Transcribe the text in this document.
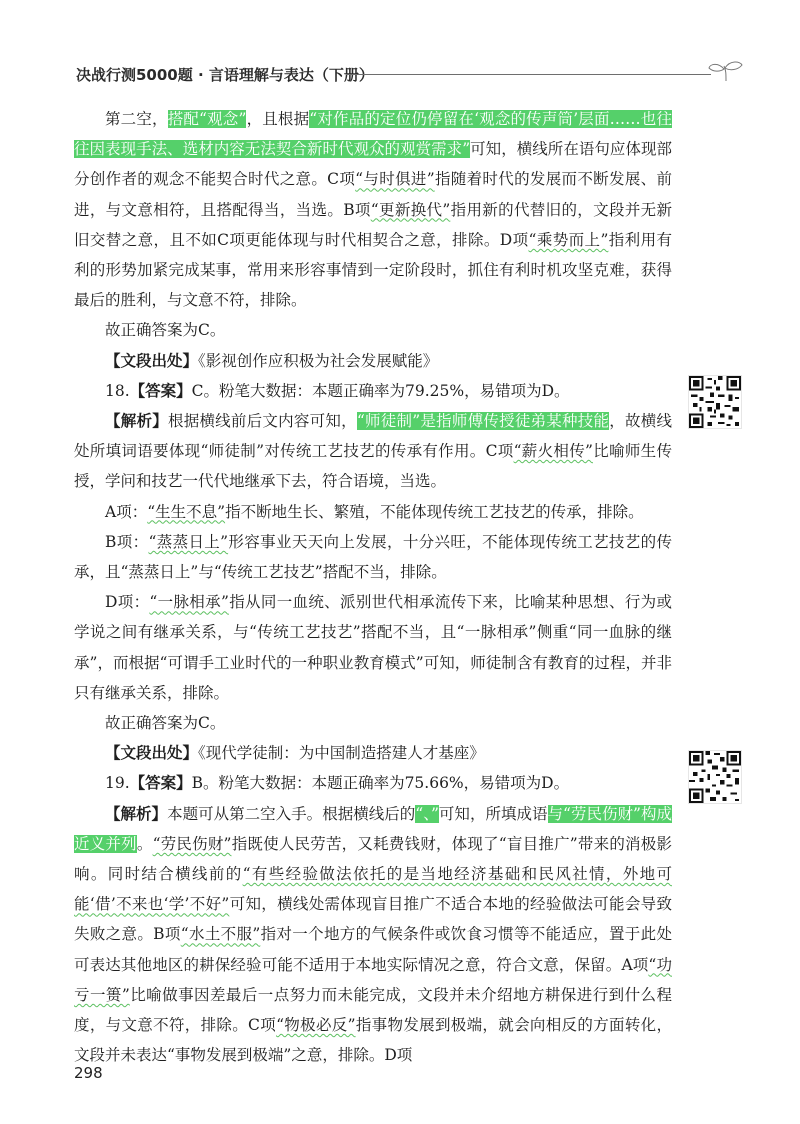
决战行测5000题 · 言语理解与表达（下册）

第二空，搭配“观念”，且根据“对作品的定位仍停留在‘观念的传声筒’层面……也往往因表现手法、选材内容无法契合新时代观众的观赏需求”可知，横线所在语句应体现部分创作者的观念不能契合时代之意。C项“与时俱进”指随着时代的发展而不断发展、前进，与文意相符，且搭配得当，当选。B项“更新换代”指用新的代替旧的，文段并无新旧交替之意，且不如C项更能体现与时代相契合之意，排除。D项“乘势而上”指利用有利的形势加紧完成某事，常用来形容事情到一定阶段时，抓住有利时机攻坚克难，获得最后的胜利，与文意不符，排除。

故正确答案为C。

【文段出处】《影视创作应积极为社会发展赋能》

18.【答案】C。粉笔大数据：本题正确率为79.25%，易错项为D。

【解析】根据横线前后文内容可知，“师徒制”是指师傅传授徒弟某种技能，故横线处所填词语要体现“师徒制”对传统工艺技艺的传承有作用。C项“薪火相传”比喻师生传授，学问和技艺一代代地继承下去，符合语境，当选。

A项：“生生不息”指不断地生长、繁殖，不能体现传统工艺技艺的传承，排除。

B项：“蒸蒸日上”形容事业天天向上发展，十分兴旺，不能体现传统工艺技艺的传承，且“蒸蒸日上”与“传统工艺技艺”搭配不当，排除。

D项：“一脉相承”指从同一血统、派别世代相承流传下来，比喻某种思想、行为或学说之间有继承关系，与“传统工艺技艺”搭配不当，且“一脉相承”侧重“同一血脉的继承”，而根据“可谓手工业时代的一种职业教育模式”可知，师徒制含有教育的过程，并非只有继承关系，排除。

故正确答案为C。

【文段出处】《现代学徒制：为中国制造搭建人才基座》

19.【答案】B。粉笔大数据：本题正确率为75.66%，易错项为D。

【解析】本题可从第二空入手。根据横线后的“、”可知，所填成语与“劳民伤财”构成近义并列。“劳民伤财”指既使人民劳苦，又耗费钱财，体现了“盲目推广”带来的消极影响。同时结合横线前的“有些经验做法依托的是当地经济基础和民风社情，外地可能‘借’不来也‘学’不好”可知，横线处需体现盲目推广不适合本地的经验做法可能会导致失败之意。B项“水土不服”指对一个地方的气候条件或饮食习惯等不能适应，置于此处可表达其他地区的耕保经验可能不适用于本地实际情况之意，符合文意，保留。A项“功亏一篑”比喻做事因差最后一点努力而未能完成，文段并未介绍地方耕保进行到什么程度，与文意不符，排除。C项“物极必反”指事物发展到极端，就会向相反的方面转化，文段并未表达“事物发展到极端”之意，排除。D项

298
